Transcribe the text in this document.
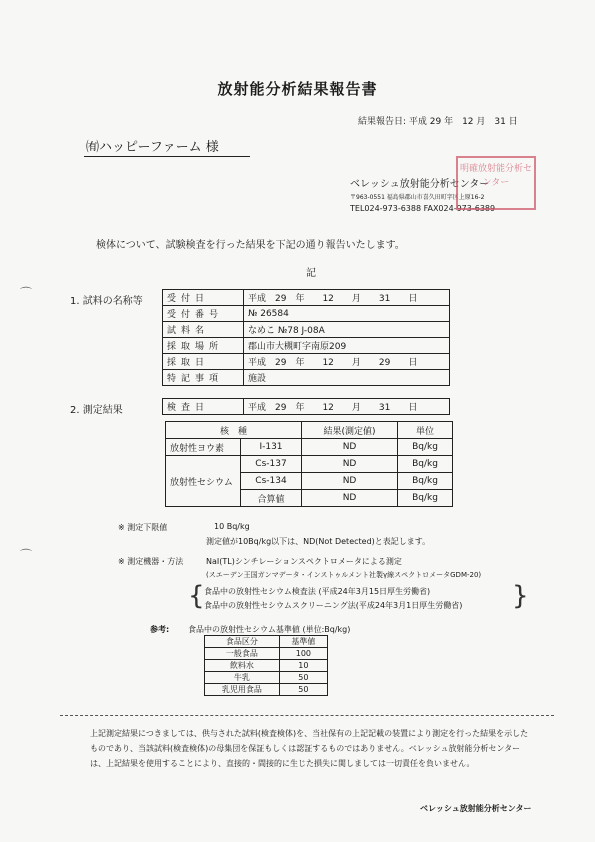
放射能分析結果報告書
結果報告日: 平成 29 年　12 月　31 日
㈲ハッピーファーム 様
ベレッシュ放射能分析センター
〒963-0551 福島県郡山市喜久田町字区上原16-2
TEL024-973-6388 FAX024-973-6389
明確放射能分析センター
検体について、試験検査を行った結果を下記の通り報告いたします。
記
⌒
⌒
1. 試料の名称等	受付日	平成　29　年　　12　　月　　31　　日
受付番号	№ 26584
試料名	なめこ №78 J-08A
採取場所	郡山市大槻町字南原209
採取日	平成　29　年　　12　　月　　29　　日
特記事項	施設
2. 測定結果	検査日	平成　29　年　　12　　月　　31　　日
核　種		結果(測定値)	単位
放射性ヨウ素	I-131	ND	Bq/kg
放射性セシウム	Cs-137	ND	Bq/kg
	Cs-134	ND	Bq/kg
	合算値	ND	Bq/kg
※ 測定下限値	10 Bq/kg
測定値が10Bq/kg以下は、ND(Not Detected)と表記します。
※ 測定機器・方法	NaI(TL)シンチレーションスペクトロメータによる測定
(スエーデン王国ガンマデータ・インストゥルメント社製γ線スペクトロメータGDM-20)
{ 食品中の放射性セシウム検査法 (平成24年3月15日厚生労働省)
食品中の放射性セシウムスクリーニング法(平成24年3月1日厚生労働省) }
参考: 食品中の放射性セシウム基準値 (単位:Bq/kg)
食品区分	基準値
一般食品	100
飲料水	10
牛乳	50
乳児用食品	50
上記測定結果につきましては、供与された試料(検査検体)を、当社保有の上記記載の装置により測定を行った結果を示したものであり、当該試料(検査検体)の母集団を保証もしくは認証するものではありません。ベレッシュ放射能分析センターは、上記結果を使用することにより、直接的・間接的に生じた損失に関しましては一切責任を負いません。
ベレッシュ放射能分析センター
